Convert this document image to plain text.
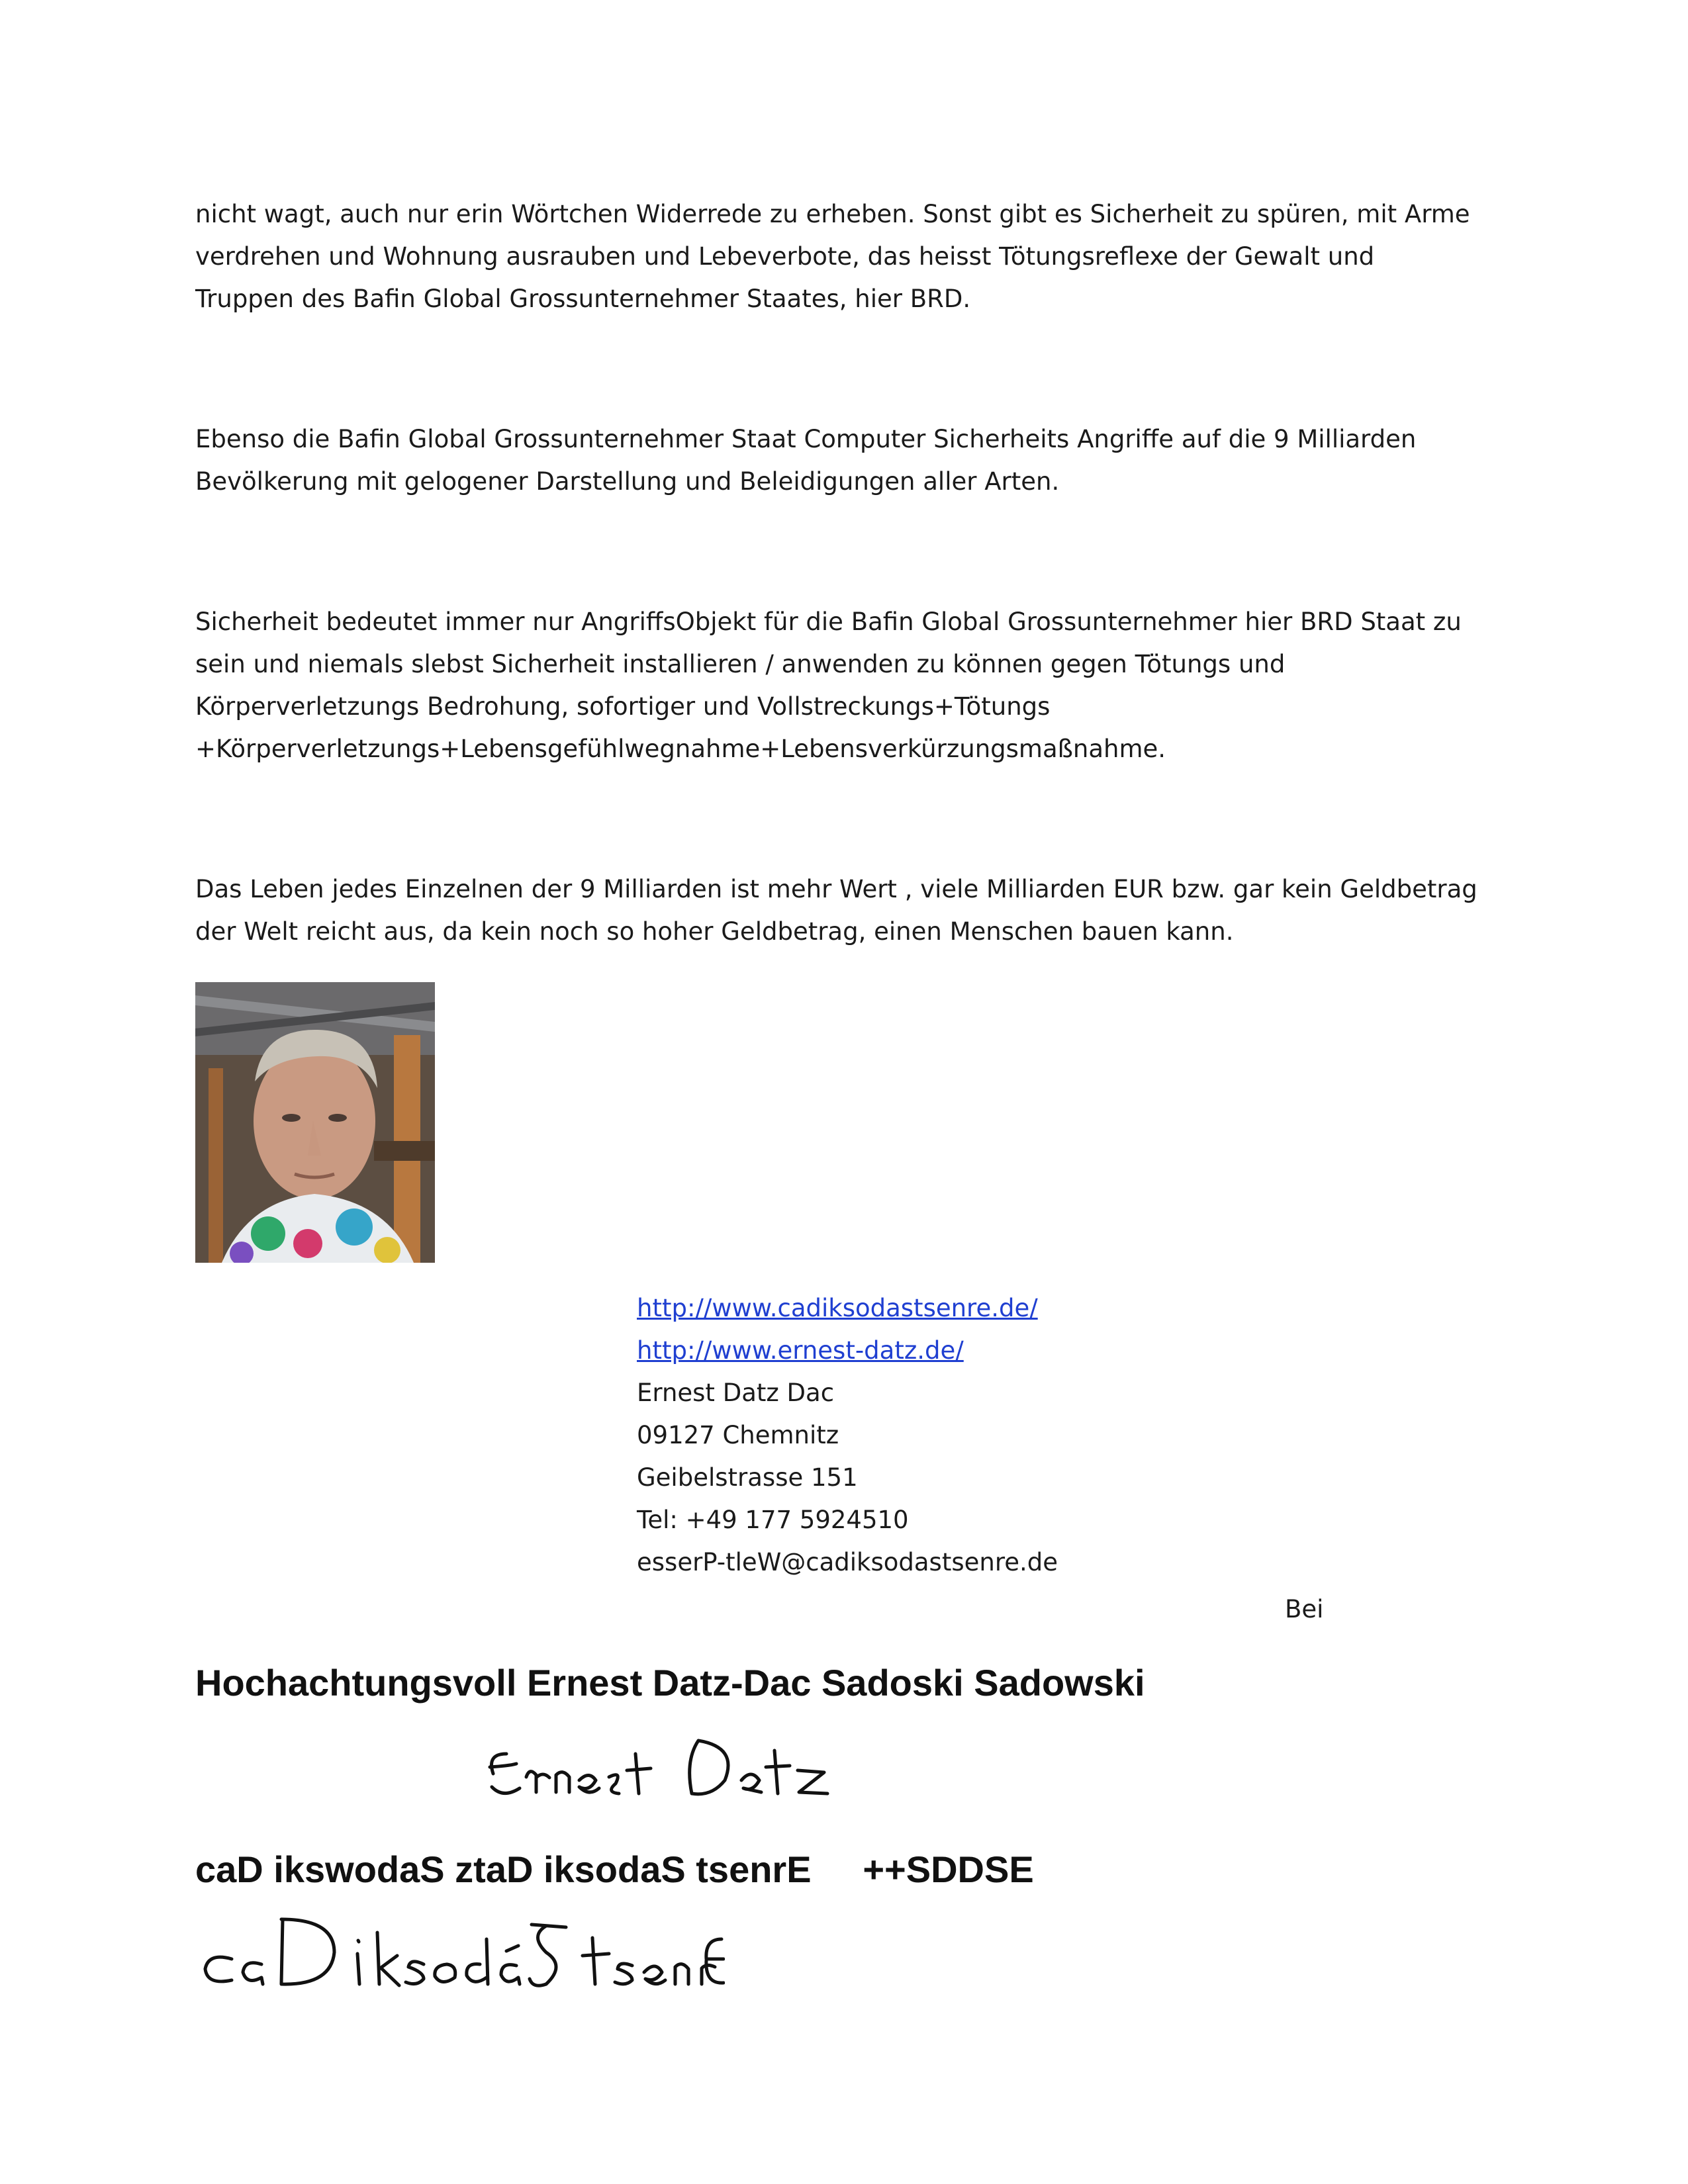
nicht wagt, auch nur erin Wörtchen Widerrede zu erheben. Sonst gibt es Sicherheit zu spüren, mit Arme
verdrehen und Wohnung ausrauben und Lebeverbote, das heisst Tötungsreflexe der Gewalt und
Truppen des Bafin Global Grossunternehmer Staates, hier BRD.
Ebenso die Bafin Global Grossunternehmer Staat Computer Sicherheits Angriffe auf die 9 Milliarden
Bevölkerung mit gelogener Darstellung und Beleidigungen aller Arten.
Sicherheit bedeutet immer nur AngriffsObjekt für die Bafin Global Grossunternehmer hier BRD Staat zu
sein und niemals slebst Sicherheit installieren / anwenden zu können gegen Tötungs und
Körperverletzungs Bedrohung, sofortiger und Vollstreckungs+Tötungs
+Körperverletzungs+Lebensgefühlwegnahme+Lebensverkürzungsmaßnahme.
Das Leben jedes Einzelnen der 9 Milliarden ist mehr Wert , viele Milliarden EUR bzw. gar kein Geldbetrag
der Welt reicht aus, da kein noch so hoher Geldbetrag, einen Menschen bauen kann.
http://www.cadiksodastsenre.de/
http://www.ernest-datz.de/
Ernest Datz Dac
09127 Chemnitz
Geibelstrasse 151
Tel: +49 177 5924510
esserP-tleW@cadiksodastsenre.de
Bei
Hochachtungsvoll Ernest Datz-Dac Sadoski Sadowski
caD ikswodaS ztaD iksodaS tsenrE     ++SDDSE
